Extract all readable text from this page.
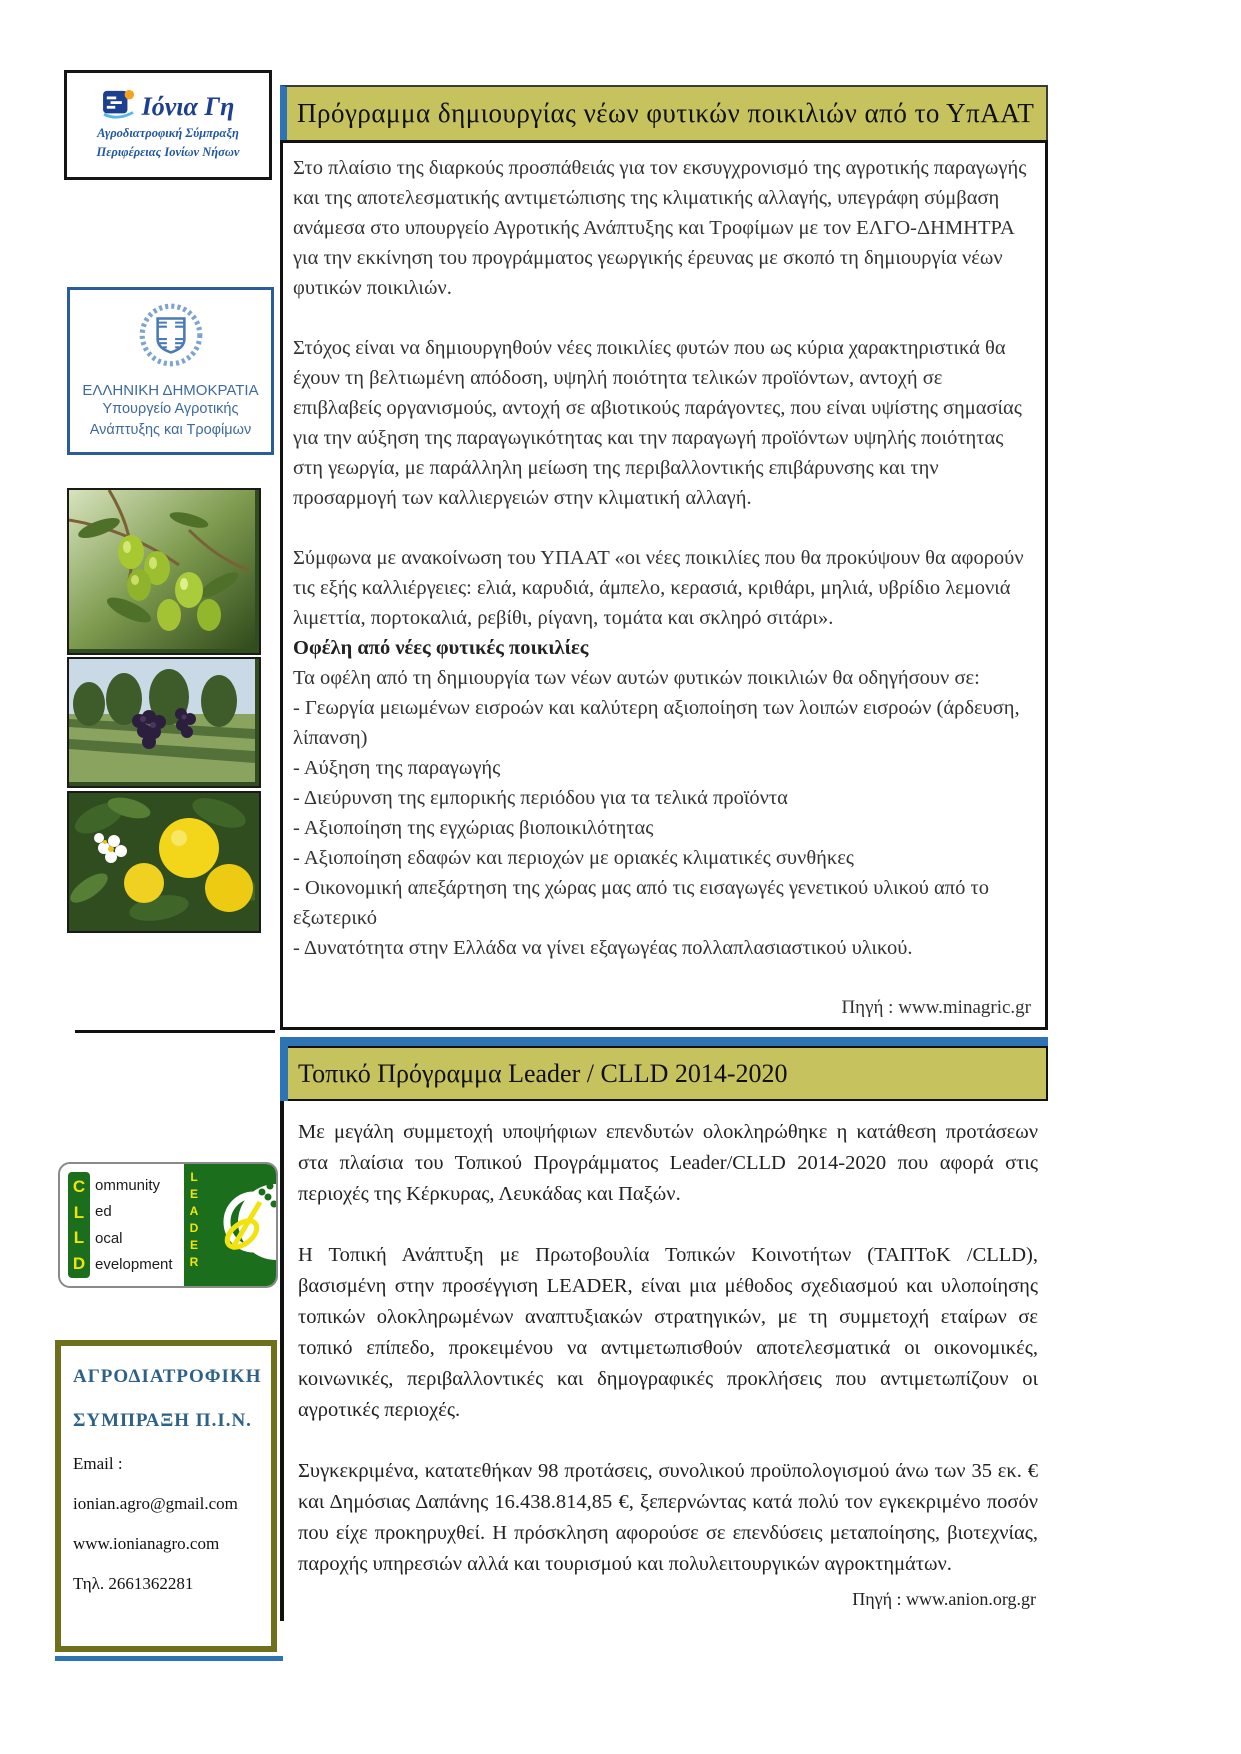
Ιόνια Γη
Αγροδιατροφική Σύμπραξη
Περιφέρειας Ιονίων Νήσων
ΕΛΛΗΝΙΚΗ ΔΗΜΟΚΡΑΤΙΑ
Υπουργείο Αγροτικής
Ανάπτυξης και Τροφίμων
C
L
L
D
ommunity
ed
ocal
evelopment LEADER
ΑΓΡΟΔΙΑΤΡΟΦΙΚΗ
ΣΥΜΠΡΑΞΗ Π.Ι.Ν.
Email :
ionian.agro@gmail.com
www.ionianagro.com
Τηλ. 2661362281
Πρόγραμμα δημιουργίας νέων φυτικών ποικιλιών από το ΥπΑΑΤ

Στο πλαίσιο της διαρκούς προσπάθειάς για τον εκσυγχρονισμό της αγροτικής παραγωγής και της αποτελεσματικής αντιμετώπισης της κλιματικής αλλαγής, υπεγράφη σύμβαση ανάμεσα στο υπουργείο Αγροτικής Ανάπτυξης και Τροφίμων με τον ΕΛΓΟ-ΔΗΜΗΤΡΑ για την εκκίνηση του προγράμματος γεωργικής έρευνας με σκοπό τη δημιουργία νέων φυτικών ποικιλιών.

Στόχος είναι να δημιουργηθούν νέες ποικιλίες φυτών που ως κύρια χαρακτηριστικά θα έχουν τη βελτιωμένη απόδοση, υψηλή ποιότητα τελικών προϊόντων, αντοχή σε επιβλαβείς οργανισμούς, αντοχή σε αβιοτικούς παράγοντες, που είναι υψίστης σημασίας για την αύξηση της παραγωγικότητας και την παραγωγή προϊόντων υψηλής ποιότητας στη γεωργία, με παράλληλη μείωση της περιβαλλοντικής επιβάρυνσης και την προσαρμογή των καλλιεργειών στην κλιματική αλλαγή.

Σύμφωνα με ανακοίνωση του ΥΠΑΑΤ «οι νέες ποικιλίες που θα προκύψουν θα αφορούν τις εξής καλλιέργειες: ελιά, καρυδιά, άμπελο, κερασιά, κριθάρι, μηλιά, υβρίδιο λεμονιά λιμεττία, πορτοκαλιά, ρεβίθι, ρίγανη, τομάτα και σκληρό σιτάρι».

Οφέλη από νέες φυτικές ποικιλίες
Τα οφέλη από τη δημιουργία των νέων αυτών φυτικών ποικιλιών θα οδηγήσουν σε:
- Γεωργία μειωμένων εισροών και καλύτερη αξιοποίηση των λοιπών εισροών (άρδευση, λίπανση)
- Αύξηση της παραγωγής
- Διεύρυνση της εμπορικής περιόδου για τα τελικά προϊόντα
- Αξιοποίηση της εγχώριας βιοποικιλότητας
- Αξιοποίηση εδαφών και περιοχών με οριακές κλιματικές συνθήκες
- Οικονομική απεξάρτηση της χώρας μας από τις εισαγωγές γενετικού υλικού από το εξωτερικό
- Δυνατότητα στην Ελλάδα να γίνει εξαγωγέας πολλαπλασιαστικού υλικού.
Πηγή : www.minagric.gr
Τοπικό Πρόγραμμα Leader / CLLD 2014-2020

Με μεγάλη συμμετοχή υποψήφιων επενδυτών ολοκληρώθηκε η κατάθεση προτάσεων στα πλαίσια του Τοπικού Προγράμματος Leader/CLLD 2014-2020 που αφορά στις περιοχές της Κέρκυρας, Λευκάδας και Παξών.

Η Τοπική Ανάπτυξη με Πρωτοβουλία Τοπικών Κοινοτήτων (ΤΑΠΤοΚ /CLLD), βασισμένη στην προσέγγιση LEADER, είναι μια μέθοδος σχεδιασμού και υλοποίησης τοπικών ολοκληρωμένων αναπτυξιακών στρατηγικών, με τη συμμετοχή εταίρων σε τοπικό επίπεδο, προκειμένου να αντιμετωπισθούν αποτελεσματικά οι οικονομικές, κοινωνικές, περιβαλλοντικές και δημογραφικές προκλήσεις που αντιμετωπίζουν οι αγροτικές περιοχές.

Συγκεκριμένα, κατατεθήκαν 98 προτάσεις, συνολικού προϋπολογισμού άνω των 35 εκ. € και Δημόσιας Δαπάνης 16.438.814,85 €, ξεπερνώντας κατά πολύ τον εγκεκριμένο ποσόν που είχε προκηρυχθεί. Η πρόσκληση αφορούσε σε επενδύσεις μεταποίησης, βιοτεχνίας, παροχής υπηρεσιών αλλά και τουρισμού και πολυλειτουργικών αγροκτημάτων.

Πηγή : www.anion.org.gr
